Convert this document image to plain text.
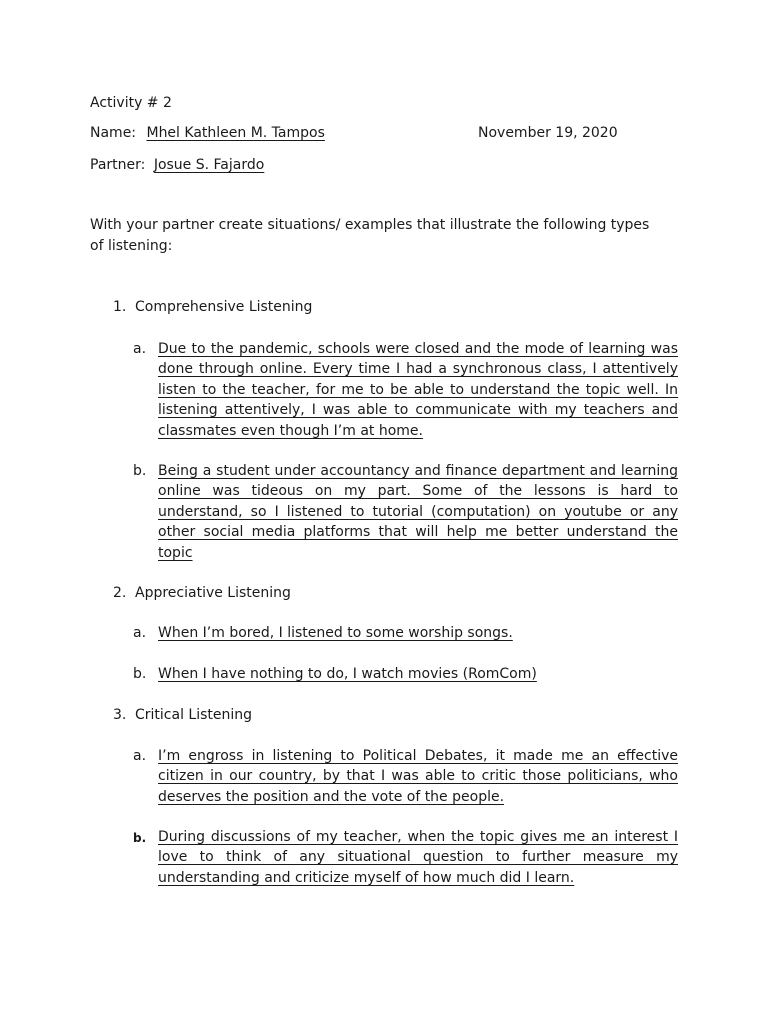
Activity # 2
Name: Mhel Kathleen M. Tampos	November 19, 2020
Partner: Josue S. Fajardo
With your partner create situations/ examples that illustrate the following types of listening:
1. Comprehensive Listening
a. Due to the pandemic, schools were closed and the mode of learning was done through online. Every time I had a synchronous class, I attentively listen to the teacher, for me to be able to understand the topic well. In listening attentively, I was able to communicate with my teachers and classmates even though I’m at home.
b. Being a student under accountancy and finance department and learning online was tideous on my part. Some of the lessons is hard to understand, so I listened to tutorial (computation) on youtube or any other social media platforms that will help me better understand the topic
2. Appreciative Listening
a. When I’m bored, I listened to some worship songs.
b. When I have nothing to do, I watch movies (RomCom)
3. Critical Listening
a. I’m engross in listening to Political Debates, it made me an effective citizen in our country, by that I was able to critic those politicians, who deserves the position and the vote of the people.
b. During discussions of my teacher, when the topic gives me an interest I love to think of any situational question to further measure my understanding and criticize myself of how much did I learn.
